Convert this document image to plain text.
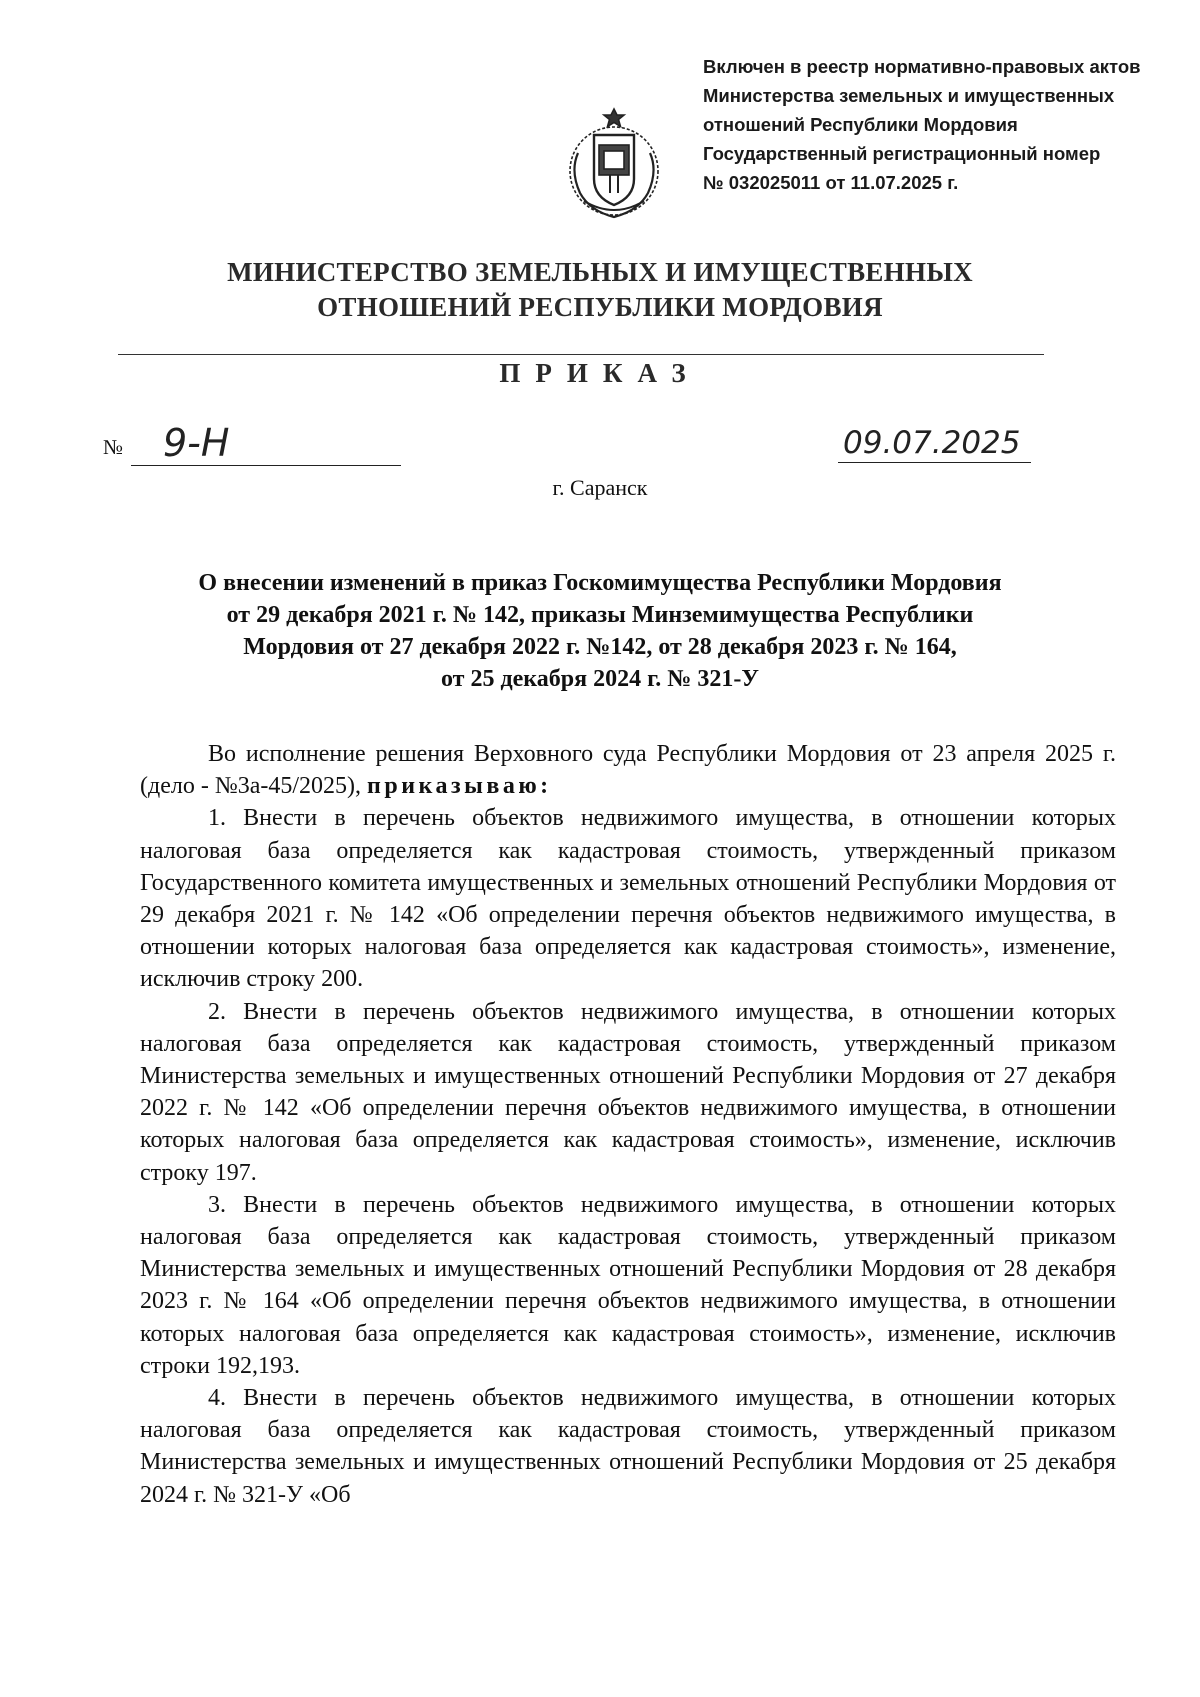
Включен в реестр нормативно-правовых актов
Министерства земельных и имущественных
отношений Республики Мордовия
Государственный регистрационный номер
№ 032025011 от 11.07.2025 г.
МИНИСТЕРСТВО ЗЕМЕЛЬНЫХ И ИМУЩЕСТВЕННЫХ
ОТНОШЕНИЙ РЕСПУБЛИКИ МОРДОВИЯ
ПРИКАЗ
№ 9-Н	09.07.2025
г. Саранск
О внесении изменений в приказ Госкомимущества Республики Мордовия
от 29 декабря 2021 г. № 142, приказы Минземимущества Республики
Мордовия от 27 декабря 2022 г. №142, от 28 декабря 2023 г. № 164,
от 25 декабря 2024 г. № 321-У

Во исполнение решения Верховного суда Республики Мордовия от 23 апреля 2025 г. (дело - №3а-45/2025), приказываю:

1. Внести в перечень объектов недвижимого имущества, в отношении которых налоговая база определяется как кадастровая стоимость, утвержденный приказом Государственного комитета имущественных и земельных отношений Республики Мордовия от 29 декабря 2021 г. № 142 «Об определении перечня объектов недвижимого имущества, в отношении которых налоговая база определяется как кадастровая стоимость», изменение, исключив строку 200.

2. Внести в перечень объектов недвижимого имущества, в отношении которых налоговая база определяется как кадастровая стоимость, утвержденный приказом Министерства земельных и имущественных отношений Республики Мордовия от 27 декабря 2022 г. № 142 «Об определении перечня объектов недвижимого имущества, в отношении которых налоговая база определяется как кадастровая стоимость», изменение, исключив строку 197.

3. Внести в перечень объектов недвижимого имущества, в отношении которых налоговая база определяется как кадастровая стоимость, утвержденный приказом Министерства земельных и имущественных отношений Республики Мордовия от 28 декабря 2023 г. № 164 «Об определении перечня объектов недвижимого имущества, в отношении которых налоговая база определяется как кадастровая стоимость», изменение, исключив строки 192,193.

4. Внести в перечень объектов недвижимого имущества, в отношении которых налоговая база определяется как кадастровая стоимость, утвержденный приказом Министерства земельных и имущественных отношений Республики Мордовия от 25 декабря 2024 г. № 321-У «Об
